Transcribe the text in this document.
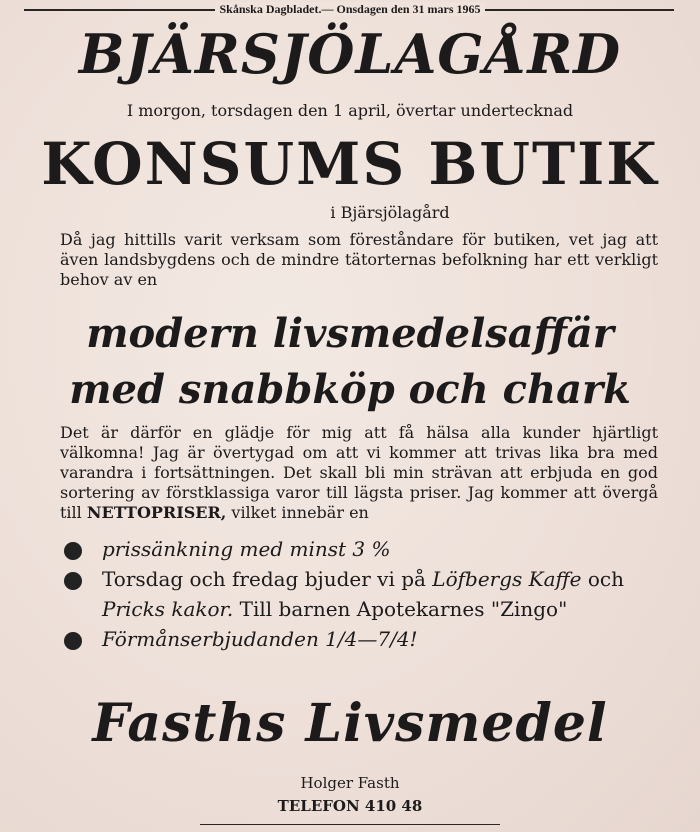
Skånska Dagbladet.— Onsdagen den 31 mars 1965
BJÄRSJÖLAGÅRD
I morgon, torsdagen den 1 april, övertar undertecknad
KONSUMS BUTIK
i Bjärsjölagård
Då jag hittills varit verksam som föreståndare för butiken, vet jag att även landsbygdens och de mindre tätorternas befolkning har ett verkligt behov av en
modern livsmedelsaffär
med snabbköp och chark
Det är därför en glädje för mig att få hälsa alla kunder hjärtligt välkomna! Jag är övertygad om att vi kommer att trivas lika bra med varandra i fortsättningen. Det skall bli min strävan att erbjuda en god sortering av förstklassiga varor till lägsta priser. Jag kommer att övergå till NETTOPRISER, vilket innebär en
prissänkning med minst 3 %
Torsdag och fredag bjuder vi på Löfbergs Kaffe och Pricks kakor. Till barnen Apotekarnes "Zingo"
Förmånserbjudanden 1/4—7/4!
Fasths Livsmedel
Holger Fasth
TELEFON 410 48
